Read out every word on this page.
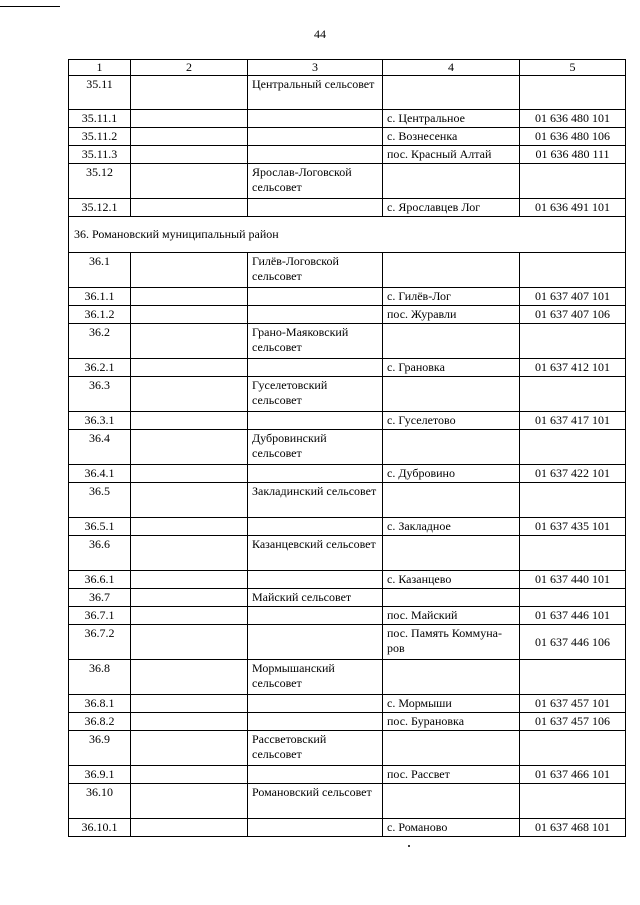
44
1	2	3	4	5
35.11		Центральный сельсовет		
35.11.1			с. Центральное	01 636 480 101
35.11.2			с. Вознесенка	01 636 480 106
35.11.3			пос. Красный Алтай	01 636 480 111
35.12		Ярослав-Логовской сельсовет		
35.12.1			с. Ярославцев Лог	01 636 491 101
36. Романовский муниципальный район				
36.1		Гилёв-Логовской сельсовет		
36.1.1			с. Гилёв-Лог	01 637 407 101
36.1.2			пос. Журавли	01 637 407 106
36.2		Грано-Маяковский сельсовет		
36.2.1			с. Грановка	01 637 412 101
36.3		Гуселетовский сельсовет		
36.3.1			с. Гуселетово	01 637 417 101
36.4		Дубровинский сельсовет		
36.4.1			с. Дубровино	01 637 422 101
36.5		Закладинский сельсовет		
36.5.1			с. Закладное	01 637 435 101
36.6		Казанцевский сельсовет		
36.6.1			с. Казанцево	01 637 440 101
36.7		Майский сельсовет		
36.7.1			пос. Майский	01 637 446 101
36.7.2			пос. Память Коммуна-ров	01 637 446 106
36.8		Мормышанский сельсовет		
36.8.1			с. Мормыши	01 637 457 101
36.8.2			пос. Бурановка	01 637 457 106
36.9		Рассветовский сельсовет		
36.9.1			пос. Рассвет	01 637 466 101
36.10		Романовский сельсовет		
36.10.1			с. Романово	01 637 468 101
